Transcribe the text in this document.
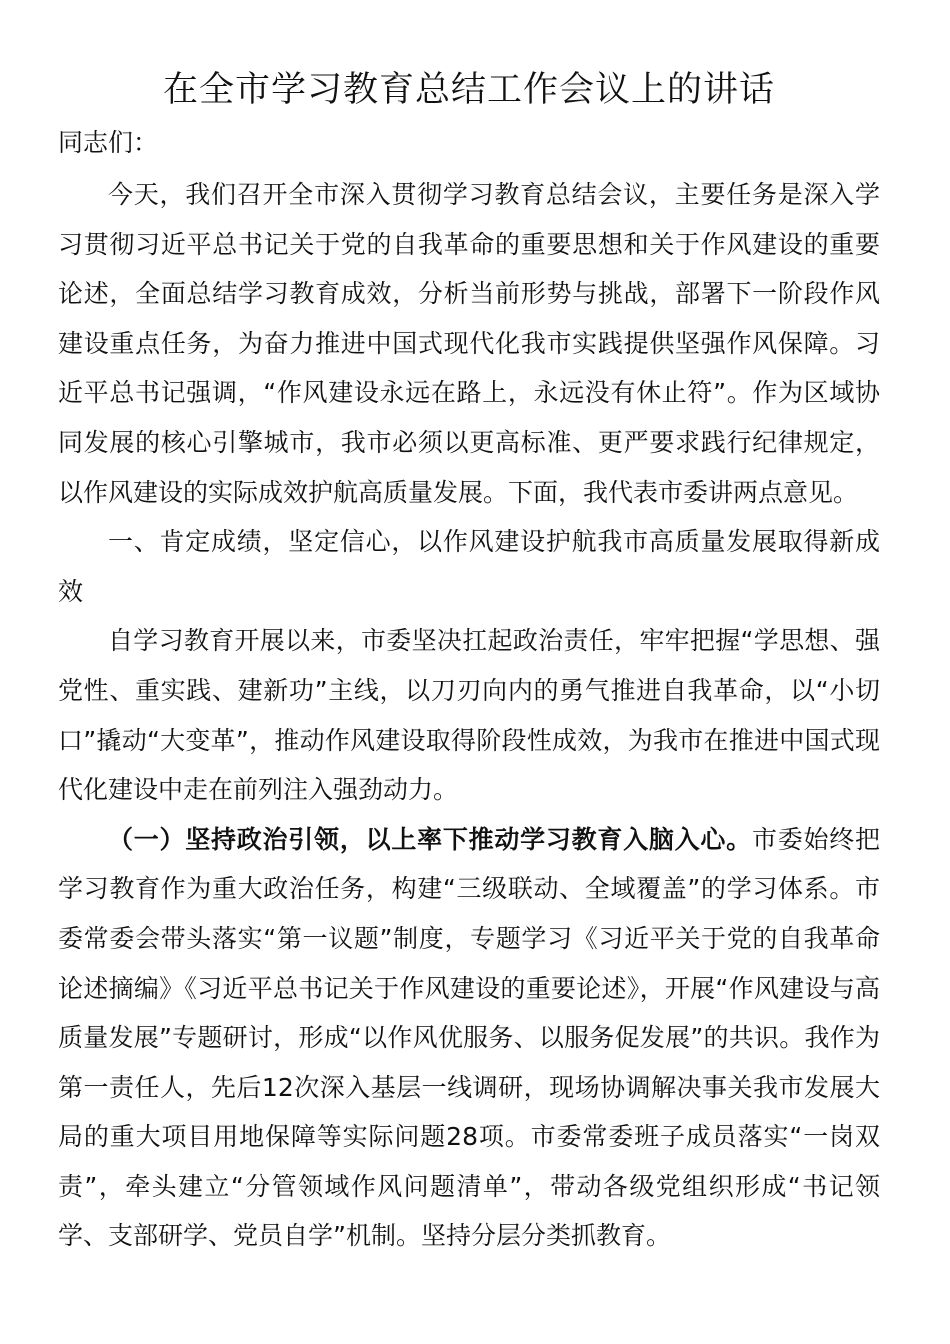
在全市学习教育总结工作会议上的讲话

同志们：

今天，我们召开全市深入贯彻学习教育总结会议，主要任务是深入学习贯彻习近平总书记关于党的自我革命的重要思想和关于作风建设的重要论述，全面总结学习教育成效，分析当前形势与挑战，部署下一阶段作风建设重点任务，为奋力推进中国式现代化我市实践提供坚强作风保障。习近平总书记强调，“作风建设永远在路上，永远没有休止符”。作为区域协同发展的核心引擎城市，我市必须以更高标准、更严要求践行纪律规定，以作风建设的实际成效护航高质量发展。下面，我代表市委讲两点意见。

一、肯定成绩，坚定信心，以作风建设护航我市高质量发展取得新成效

自学习教育开展以来，市委坚决扛起政治责任，牢牢把握“学思想、强党性、重实践、建新功”主线，以刀刃向内的勇气推进自我革命，以“小切口”撬动“大变革”，推动作风建设取得阶段性成效，为我市在推进中国式现代化建设中走在前列注入强劲动力。

（一）坚持政治引领，以上率下推动学习教育入脑入心。市委始终把学习教育作为重大政治任务，构建“三级联动、全域覆盖”的学习体系。市委常委会带头落实“第一议题”制度，专题学习《习近平关于党的自我革命论述摘编》《习近平总书记关于作风建设的重要论述》，开展“作风建设与高质量发展”专题研讨，形成“以作风优服务、以服务促发展”的共识。我作为第一责任人，先后12次深入基层一线调研，现场协调解决事关我市发展大局的重大项目用地保障等实际问题28项。市委常委班子成员落实“一岗双责”，牵头建立“分管领域作风问题清单”，带动各级党组织形成“书记领学、支部研学、党员自学”机制。坚持分层分类抓教育。
